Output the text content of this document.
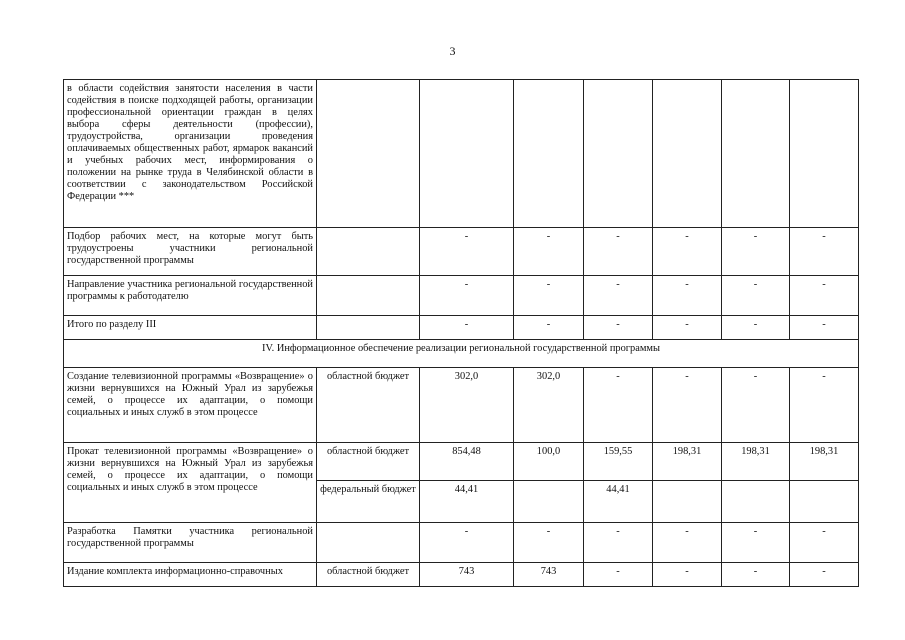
3
в области содействия занятости населения в части содействия в поиске подходящей работы, организации профессиональной ориентации граждан в целях выбора сферы деятельности (профессии), трудоустройства, организации проведения оплачиваемых общественных работ, ярмарок вакансий и учебных рабочих мест, информирования о положении на рынке труда в Челябинской области в соответствии с законодательством Российской Федерации ***							
Подбор рабочих мест, на которые могут быть трудоустроены участники региональной государственной программы		-	-	-	-	-	-
Направление участника региональной государственной программы к работодателю		-	-	-	-	-	-
Итого по разделу III		-	-	-	-	-	-
IV. Информационное обеспечение реализации региональной государственной программы							
Создание телевизионной программы «Возвращение» о жизни вернувшихся на Южный Урал из зарубежья семей, о процессе их адаптации, о помощи социальных и иных служб в этом процессе	областной бюджет	302,0	302,0	-	-	-	-
Прокат телевизионной программы «Возвращение» о жизни вернувшихся на Южный Урал из зарубежья семей, о процессе их адаптации, о помощи социальных и иных служб в этом процессе	областной бюджет	854,48	100,0	159,55	198,31	198,31	198,31
	федеральный бюджет	44,41		44,41			
Разработка Памятки участника региональной государственной программы		-	-	-	-	-	-
Издание комплекта информационно-справочных	областной бюджет	743	743	-	-	-	-
